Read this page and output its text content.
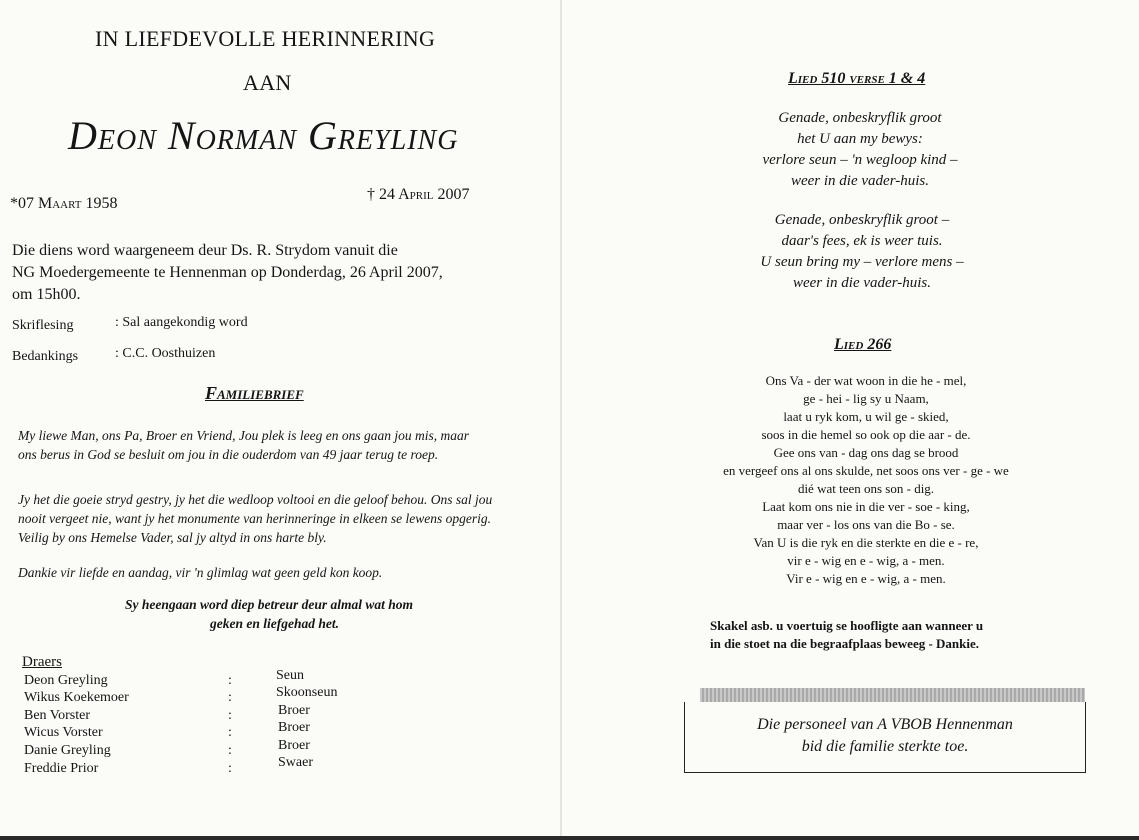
IN LIEFDEVOLLE HERINNERING
AAN
Deon Norman Greyling
*07 Maart 1958
† 24 April 2007
Die diens word waargeneem deur Ds. R. Strydom vanuit die
NG Moedergemeente te Hennenman op Donderdag, 26 April 2007,
om 15h00.
Skriflesing	: Sal aangekondig word
Bedankings	: C.C. Oosthuizen
Familiebrief
My liewe Man, ons Pa, Broer en Vriend, Jou plek is leeg en ons gaan jou mis, maar ons berus in God se besluit om jou in die ouderdom van 49 jaar terug te roep.
Jy het die goeie stryd gestry, jy het die wedloop voltooi en die geloof behou. Ons sal jou nooit vergeet nie, want jy het monumente van herinneringe in elkeen se lewens opgerig. Veilig by ons Hemelse Vader, sal jy altyd in ons harte bly.
Dankie vir liefde en aandag, vir 'n glimlag wat geen geld kon koop.
Sy heengaan word diep betreur deur almal wat hom
geken en liefgehad het.
Draers
Deon Greyling	:	Seun
Wikus Koekemoer	:	Skoonseun
Ben Vorster	:	Broer
Wicus Vorster	:	Broer
Danie Greyling	:	Broer
Freddie Prior	:	Swaer
Lied 510 verse 1 & 4
Genade, onbeskryflik groot
het U aan my bewys:
verlore seun – 'n wegloop kind –
weer in die vader-huis.
Genade, onbeskryflik groot –
daar's fees, ek is weer tuis.
U seun bring my – verlore mens –
weer in die vader-huis.
Lied 266
Ons Va - der wat woon in die he - mel,
ge - hei - lig sy u Naam,
laat u ryk kom, u wil ge - skied,
soos in die hemel so ook op die aar - de.
Gee ons van - dag ons dag se brood
en vergeef ons al ons skulde, net soos ons ver - ge - we
dié wat teen ons son - dig.
Laat kom ons nie in die ver - soe - king,
maar ver - los ons van die Bo - se.
Van U is die ryk en die sterkte en die e - re,
vir e - wig en e - wig, a - men.
Vir e - wig en e - wig, a - men.
Skakel asb. u voertuig se hoofligte aan wanneer u
in die stoet na die begraafplaas beweeg - Dankie.
Die personeel van A VBOB Hennenman
bid die familie sterkte toe.
